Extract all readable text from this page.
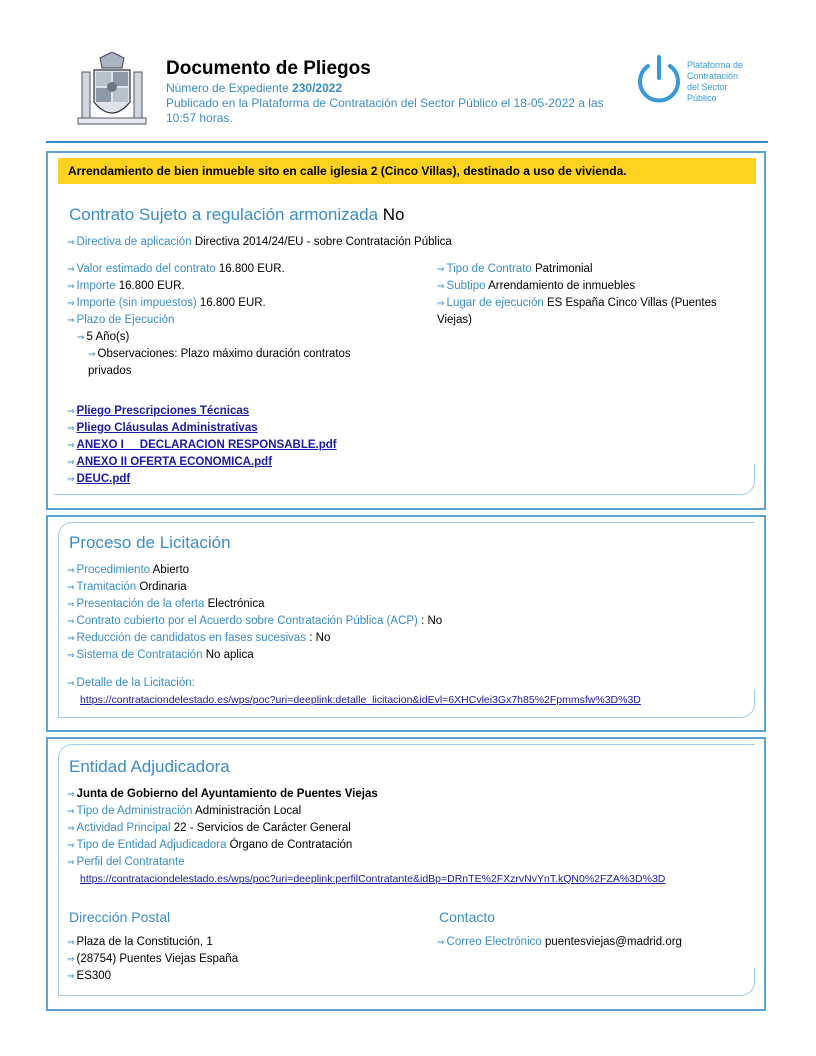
Documento de Pliegos
Número de Expediente 230/2022
Publicado en la Plataforma de Contratación del Sector Público el 18-05-2022 a las 10:57 horas.
Plataforma de
Contratación
del Sector
Público
Arrendamiento de bien inmueble sito en calle iglesia 2 (Cinco Villas), destinado a uso de vivienda.
Contrato Sujeto a regulación armonizada No
⇒ Directiva de aplicación Directiva 2014/24/EU - sobre Contratación Pública
⇒ Valor estimado del contrato 16.800 EUR.
⇒ Importe 16.800 EUR.
⇒ Importe (sin impuestos) 16.800 EUR.
⇒ Plazo de Ejecución
⇒ 5 Año(s)
⇒ Observaciones: Plazo máximo duración contratos privados
⇒ Tipo de Contrato Patrimonial
⇒ Subtipo Arrendamiento de inmuebles
⇒ Lugar de ejecución ES España Cinco Villas (Puentes Viejas)
⇒ Pliego Prescripciones Técnicas
⇒ Pliego Cláusulas Administrativas
⇒ ANEXO I     DECLARACION RESPONSABLE.pdf
⇒ ANEXO II OFERTA ECONOMICA.pdf
⇒ DEUC.pdf
Proceso de Licitación
⇒ Procedimiento Abierto
⇒ Tramitación Ordinaria
⇒ Presentación de la oferta Electrónica
⇒ Contrato cubierto por el Acuerdo sobre Contratación Pública (ACP) : No
⇒ Reducción de candidatos en fases sucesivas : No
⇒ Sistema de Contratación No aplica
⇒ Detalle de la Licitación:
https://contrataciondelestado.es/wps/poc?uri=deeplink:detalle_licitacion&idEvl=6XHCvlei3Gx7h85%2Fpmmsfw%3D%3D
Entidad Adjudicadora
⇒ Junta de Gobierno del Ayuntamiento de Puentes Viejas
⇒ Tipo de Administración Administración Local
⇒ Actividad Principal 22 - Servicios de Carácter General
⇒ Tipo de Entidad Adjudicadora Órgano de Contratación
⇒ Perfil del Contratante
https://contrataciondelestado.es/wps/poc?uri=deeplink:perfilContratante&idBp=DRnTE%2FXzrvNvYnT.kQN0%2FZA%3D%3D
Dirección Postal	Contacto
⇒ Plaza de la Constitución, 1
⇒ (28754) Puentes Viejas España
⇒ ES300
⇒ Correo Electrónico puentesviejas@madrid.org
